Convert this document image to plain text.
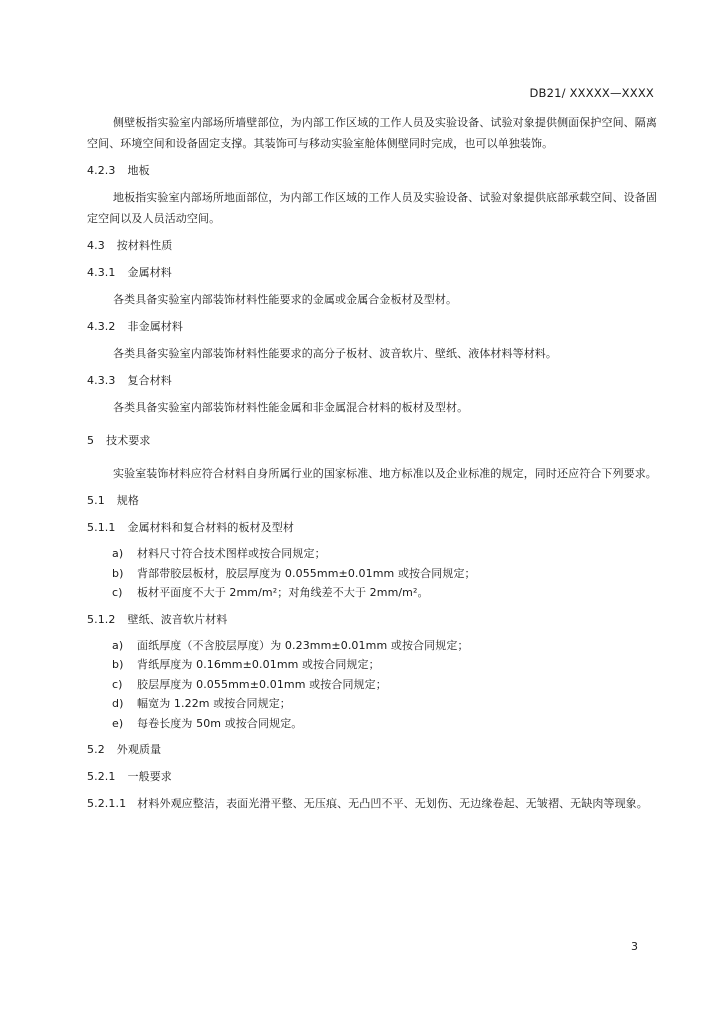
DB21/ XXXXX—XXXX

侧壁板指实验室内部场所墙壁部位，为内部工作区域的工作人员及实验设备、试验对象提供侧面保护空间、隔离空间、环境空间和设备固定支撑。其装饰可与移动实验室舱体侧壁同时完成，也可以单独装饰。

4.2.3 地板

地板指实验室内部场所地面部位，为内部工作区域的工作人员及实验设备、试验对象提供底部承载空间、设备固定空间以及人员活动空间。

4.3 按材料性质
4.3.1 金属材料

各类具备实验室内部装饰材料性能要求的金属或金属合金板材及型材。

4.3.2 非金属材料

各类具备实验室内部装饰材料性能要求的高分子板材、波音软片、壁纸、液体材料等材料。

4.3.3 复合材料

各类具备实验室内部装饰材料性能金属和非金属混合材料的板材及型材。

5 技术要求

实验室装饰材料应符合材料自身所属行业的国家标准、地方标准以及企业标准的规定，同时还应符合下列要求。

5.1 规格
5.1.1 金属材料和复合材料的板材及型材
a) 材料尺寸符合技术图样或按合同规定；
b) 背部带胶层板材，胶层厚度为 0.055mm±0.01mm 或按合同规定；
c) 板材平面度不大于 2mm/m²；对角线差不大于 2mm/m²。
5.1.2 壁纸、波音软片材料
a) 面纸厚度（不含胶层厚度）为 0.23mm±0.01mm 或按合同规定；
b) 背纸厚度为 0.16mm±0.01mm 或按合同规定；
c) 胶层厚度为 0.055mm±0.01mm 或按合同规定；
d) 幅宽为 1.22m 或按合同规定；
e) 每卷长度为 50m 或按合同规定。
5.2 外观质量
5.2.1 一般要求

5.2.1.1　材料外观应整洁，表面光滑平整、无压痕、无凸凹不平、无划伤、无边缘卷起、无皱褶、无缺肉等现象。

3
